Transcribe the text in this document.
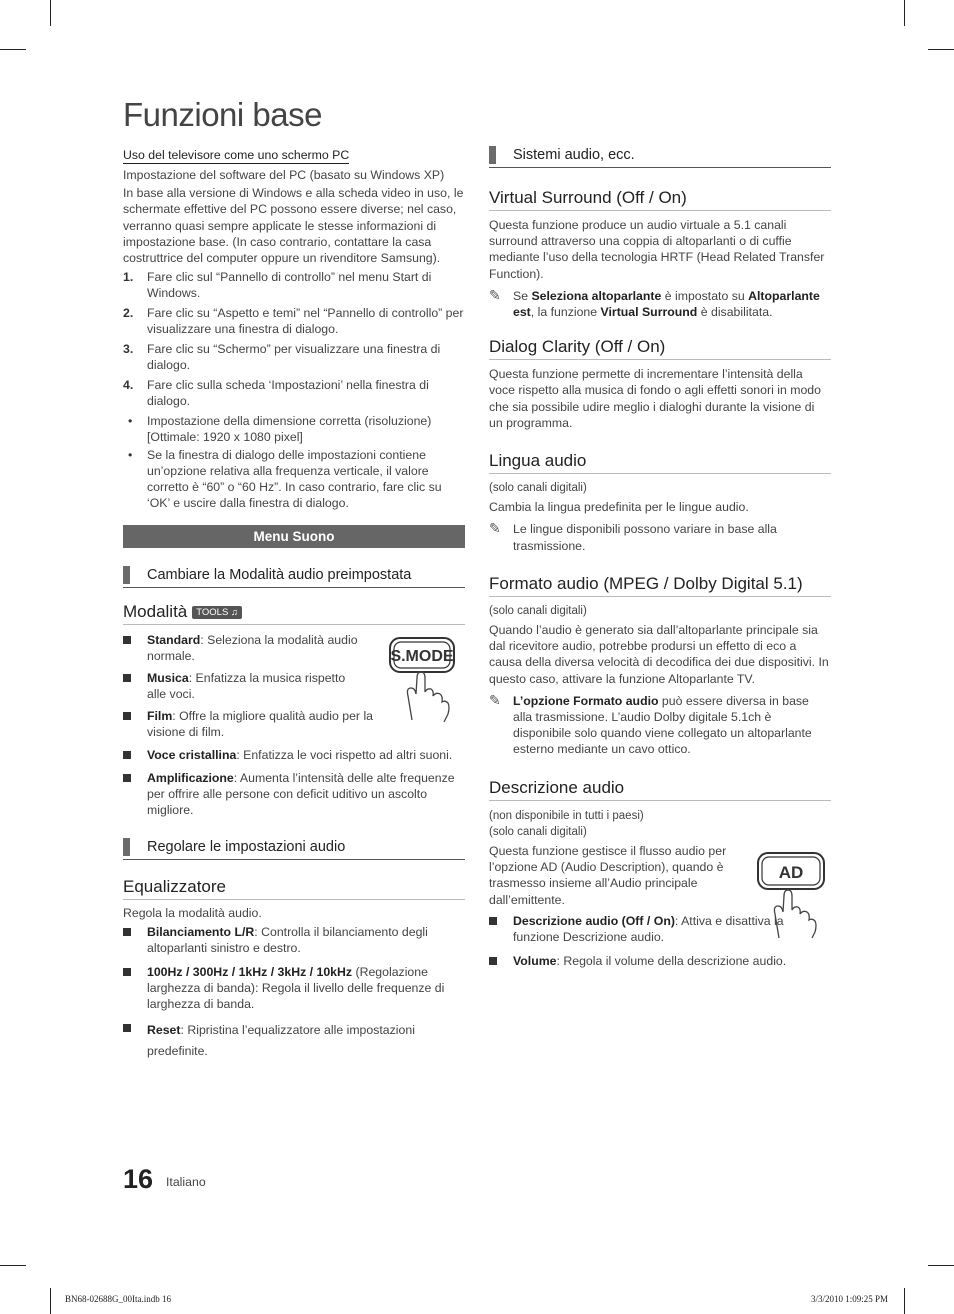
Funzioni base
Uso del televisore come uno schermo PC

Impostazione del software del PC (basato su Windows XP)

In base alla versione di Windows e alla scheda video in uso, le schermate effettive del PC possono essere diverse; nel caso, verranno quasi sempre applicate le stesse informazioni di impostazione base. (In caso contrario, contattare la casa costruttrice del computer oppure un rivenditore Samsung).

1. Fare clic sul “Pannello di controllo” nel menu Start di Windows.
2. Fare clic su “Aspetto e temi” nel “Pannello di controllo” per visualizzare una finestra di dialogo.
3. Fare clic su “Schermo” per visualizzare una finestra di dialogo.
4. Fare clic sulla scheda ‘Impostazioni’ nella finestra di dialogo.
• Impostazione della dimensione corretta (risoluzione) [Ottimale: 1920 x 1080 pixel]
• Se la finestra di dialogo delle impostazioni contiene un’opzione relativa alla frequenza verticale, il valore corretto è “60” o “60 Hz”. In caso contrario, fare clic su ‘OK’ e uscire dalla finestra di dialogo.
Menu Suono
Cambiare la Modalità audio preimpostata
Modalità TOOLS ♫
Standard: Seleziona la modalità audio normale.
Musica: Enfatizza la musica rispetto alle voci.
Film: Offre la migliore qualità audio per la visione di film.
Voce cristallina: Enfatizza le voci rispetto ad altri suoni.
Amplificazione: Aumenta l’intensità delle alte frequenze per offrire alle persone con deficit uditivo un ascolto migliore.
Regolare le impostazioni audio
Equalizzatore

Regola la modalità audio.

Bilanciamento L/R: Controlla il bilanciamento degli altoparlanti sinistro e destro.
100Hz / 300Hz / 1kHz / 3kHz / 10kHz (Regolazione larghezza di banda): Regola il livello delle frequenze di larghezza di banda.
Reset: Ripristina l’equalizzatore alle impostazioni predefinite.
S.MODE
Sistemi audio, ecc.
Virtual Surround (Off / On)

Questa funzione produce un audio virtuale a 5.1 canali surround attraverso una coppia di altoparlanti o di cuffie mediante l’uso della tecnologia HRTF (Head Related Transfer Function).

✎ Se Seleziona altoparlante è impostato su Altoparlante est, la funzione Virtual Surround è disabilitata.
Dialog Clarity (Off / On)

Questa funzione permette di incrementare l’intensità della voce rispetto alla musica di fondo o agli effetti sonori in modo che sia possibile udire meglio i dialoghi durante la visione di un programma.

Lingua audio

(solo canali digitali)

Cambia la lingua predefinita per le lingue audio.

✎ Le lingue disponibili possono variare in base alla trasmissione.
Formato audio (MPEG / Dolby Digital 5.1)

(solo canali digitali)

Quando l’audio è generato sia dall’altoparlante principale sia dal ricevitore audio, potrebbe prodursi un effetto di eco a causa della diversa velocità di decodifica dei due dispositivi. In questo caso, attivare la funzione Altoparlante TV.

✎ L’opzione Formato audio può essere diversa in base alla trasmissione. L’audio Dolby digitale 5.1ch è disponibile solo quando viene collegato un altoparlante esterno mediante un cavo ottico.
Descrizione audio

(non disponibile in tutti i paesi)

(solo canali digitali)

Questa funzione gestisce il flusso audio per l’opzione AD (Audio Description), quando è trasmesso insieme all’Audio principale dall’emittente.

Descrizione audio (Off / On): Attiva e disattiva la funzione Descrizione audio.
Volume: Regola il volume della descrizione audio.
AD
16 Italiano
BN68-02688G_00Ita.indb 16	3/3/2010 1:09:25 PM
